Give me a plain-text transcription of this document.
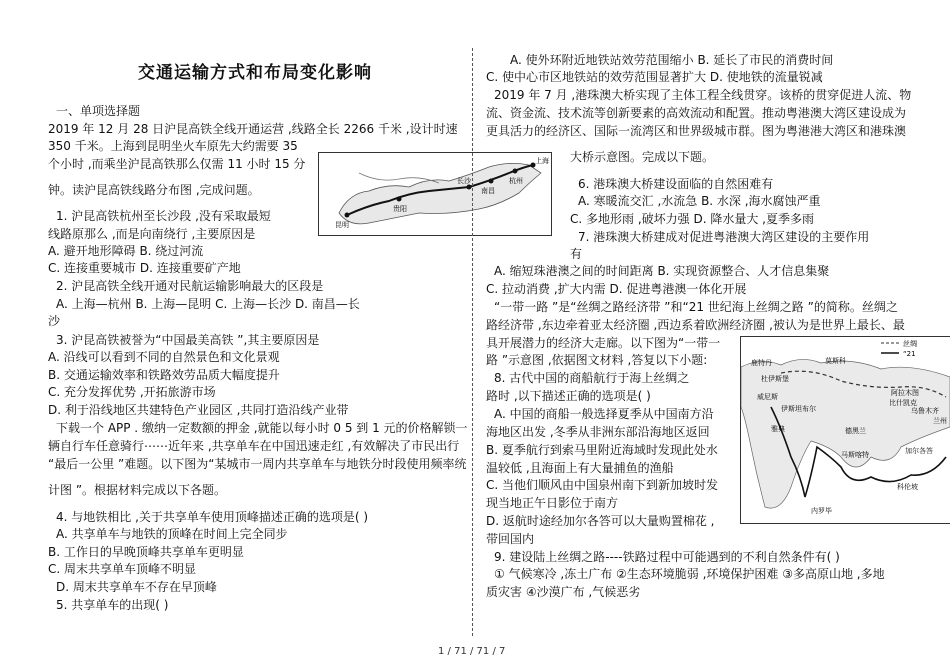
交通运输方式和布局变化影响
一、单项选择题
2019 年 12 月 28 日沪昆高铁全线开通运营 ,线路全长 2266 千米 ,设计时速
350 千米。上海到昆明坐火车原先大约需要 35
个小时 ,而乘坐沪昆高铁那么仅需 11 小时 15 分
钟。读沪昆高铁线路分布图 ,完成问题。
上海
杭州
长沙
南昌
昆明
贵阳
1. 沪昆高铁杭州至长沙段 ,没有采取最短
线路原那么 ,而是向南绕行 ,主要原因是
A. 避开地形障碍 B. 绕过河流
C. 连接重要城市 D. 连接重要矿产地
2. 沪昆高铁全线开通对民航运输影响最大的区段是
A. 上海—杭州 B. 上海—昆明 C. 上海—长沙 D. 南昌—长
沙
3. 沪昆高铁被誉为“中国最美高铁 ”,其主要原因是
A. 沿线可以看到不同的自然景色和文化景观
B. 交通运输效率和铁路效劳品质大幅度提升
C. 充分发挥优势 ,开拓旅游市场
D. 利于沿线地区共建特色产业园区 ,共同打造沿线产业带
下载一个 APP . 缴纳一定数额的押金 ,就能以每小时 0 5 到 1 元的价格解锁一
辆自行车任意骑行⋯⋯近年来 ,共享单车在中国迅速走红 ,有效解决了市民出行
“最后一公里 ”难题。以下图为“某城市一周内共享单车与地铁分时段使用频率统
计图 ”。根据材料完成以下各题。
4. 与地铁相比 ,关于共享单车使用顶峰描述正确的选项是( )
A. 共享单车与地铁的顶峰在时间上完全同步
B. 工作日的早晚顶峰共享单车更明显
C. 周末共享单车顶峰不明显
D. 周末共享单车不存在早顶峰
5. 共享单车的出现( )
A. 使外环附近地铁站效劳范围缩小 B. 延长了市民的消费时间
C. 使中心市区地铁站的效劳范围显著扩大 D. 使地铁的流量锐减
2019 年 7 月 ,港珠澳大桥实现了主体工程全线贯穿。该桥的贯穿促进人流、物
流、资金流、技术流等创新要素的高效流动和配置。推动粤港澳大湾区建设成为
更具活力的经济区、国际一流湾区和世界级城市群。图为粤港港大湾区和港珠澳
大桥示意图。完成以下题。
6. 港珠澳大桥建设面临的自然困难有
A. 寒暖流交汇 ,水流急 B. 水深 ,海水腐蚀严重
C. 多地形雨 ,破坏力强 D. 降水量大 ,夏季多雨
7. 港珠澳大桥建成对促进粤港澳大湾区建设的主要作用
有
A. 缩短珠港澳之间的时间距离 B. 实现资源整合、人才信息集聚
C. 拉动消费 ,扩大内需 D. 促进粤港澳一体化开展
“一带一路 ”是“丝绸之路经济带 ”和“21 世纪海上丝绸之路 ”的简称。丝绸之
路经济带 ,东边牵着亚太经济圈 ,西边系着欧洲经济圈 ,被认为是世界上最长、最
具开展潜力的经济大走廊。以下图为“一带一
路 ”示意图 ,依据图文材料 ,答复以下小题:
8. 古代中国的商船航行于海上丝绸之
路时 ,以下描述正确的选项是( )
A. 中国的商船一般选择夏季从中国南方沿
海地区出发 ,冬季从非洲东部沿海地区返回
B. 夏季航行到索马里附近海域时发现此处水
温较低 ,且海面上有大量捕鱼的渔船
C. 当他们顺风由中国泉州南下到新加坡时发
现当地正午日影位于南方
D. 返航时途经加尔各答可以大量购置棉花 ,
带回国内
丝绸
“21
鹿特丹	莫斯科
杜伊斯堡
威尼斯
伊斯坦布尔
阿拉木图
比什凯克
乌鲁木齐
兰州
雅典	德黑兰
科伦坡
加尔各答
内罗毕
马斯喀特
9. 建设陆上丝绸之路----铁路过程中可能遇到的不利自然条件有( )
① 气候寒冷 ,冻土广布 ②生态环境脆弱 ,环境保护困难 ③多高原山地 ,多地
质灾害 ④沙漠广布 ,气候恶劣
1 / 71 / 71 / 7
